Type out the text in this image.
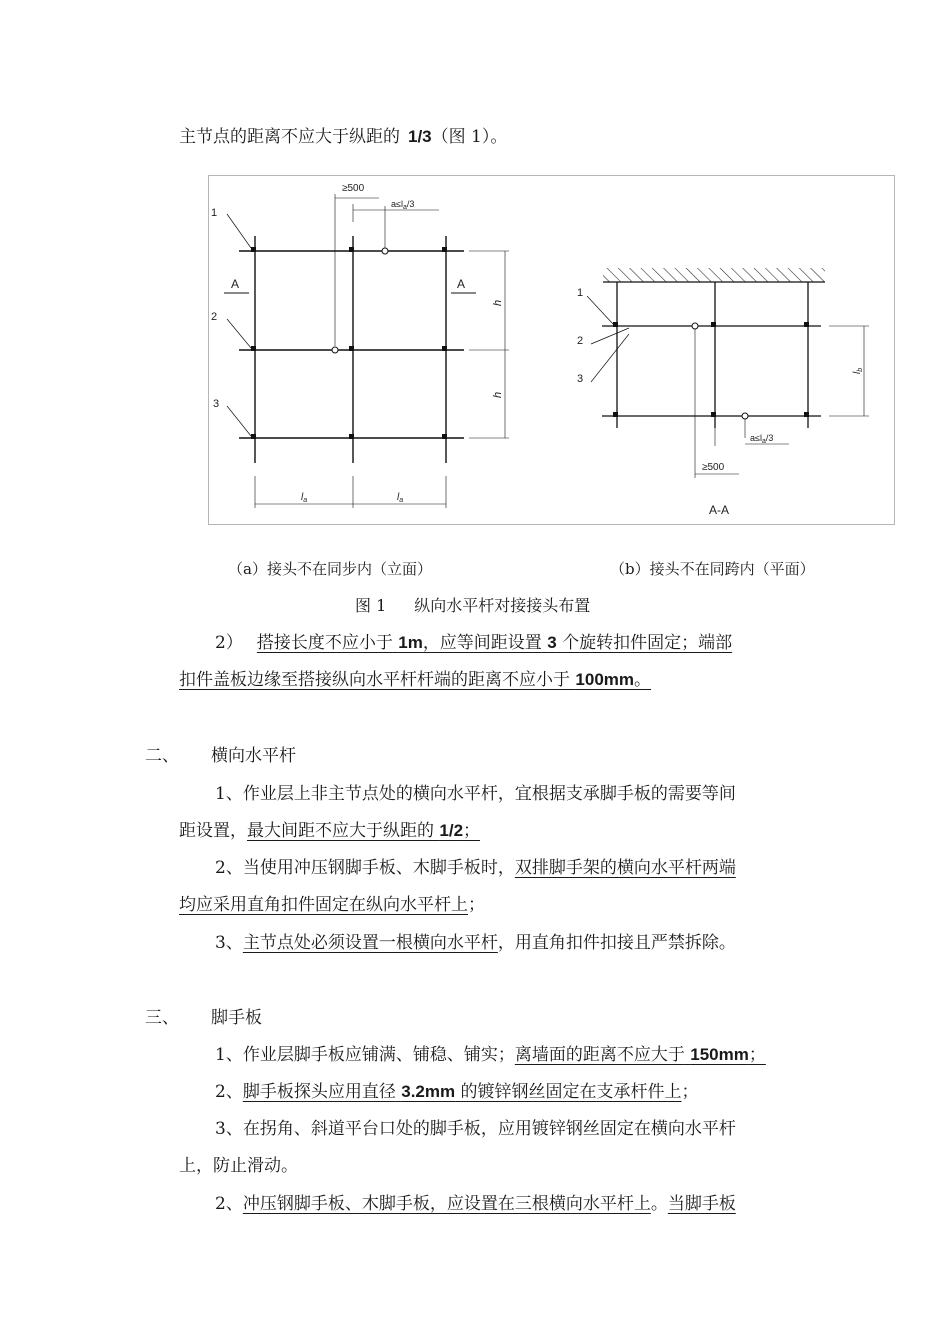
主节点的距离不应大于纵距的 1/3（图 1）。
≥500
$a\le l_a/3$
A	A
1
2
3
h
h
$l_a$	$l_a$
1
2
3
$l_b$
$a\le l_a/3$
≥500
A-A
（a）接头不在同步内（立面）	（b）接头不在同跨内（平面）
图 1 纵向水平杆对接接头布置
2） 搭接长度不应小于 1m，应等间距设置 3 个旋转扣件固定；端部
扣件盖板边缘至搭接纵向水平杆杆端的距离不应小于 100mm。
二、 横向水平杆
1、作业层上非主节点处的横向水平杆，宜根据支承脚手板的需要等间
距设置，最大间距不应大于纵距的 1/2；
2、当使用冲压钢脚手板、木脚手板时，双排脚手架的横向水平杆两端
均应采用直角扣件固定在纵向水平杆上；
3、主节点处必须设置一根横向水平杆，用直角扣件扣接且严禁拆除。
三、 脚手板
1、作业层脚手板应铺满、铺稳、铺实；离墙面的距离不应大于 150mm；
2、脚手板探头应用直径 3.2mm 的镀锌钢丝固定在支承杆件上；
3、在拐角、斜道平台口处的脚手板，应用镀锌钢丝固定在横向水平杆
上，防止滑动。
2、冲压钢脚手板、木脚手板，应设置在三根横向水平杆上。当脚手板
